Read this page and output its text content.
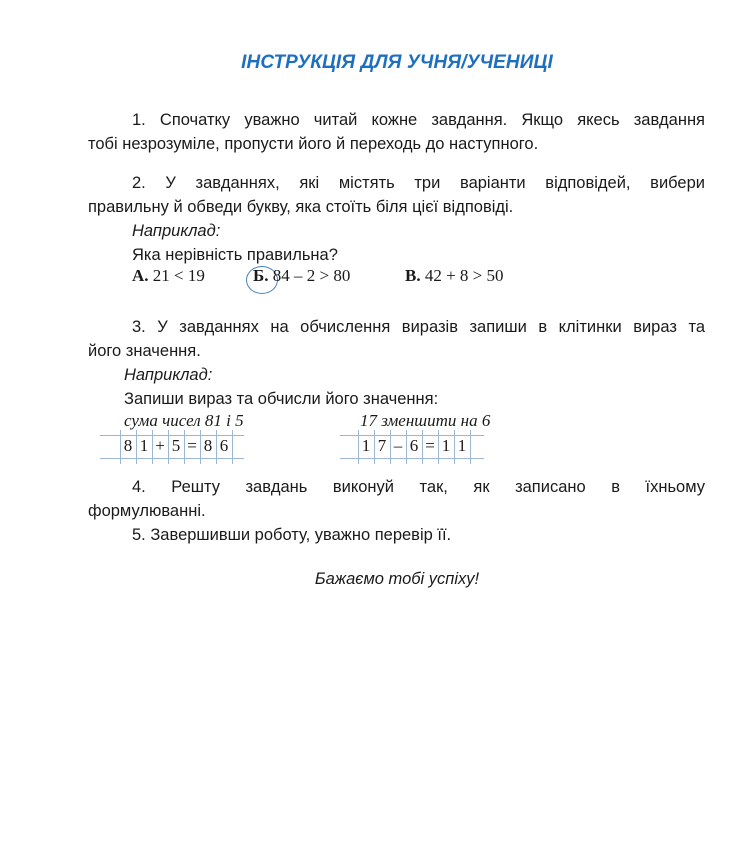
ІНСТРУКЦІЯ ДЛЯ УЧНЯ/УЧЕНИЦІ
1. Спочатку уважно читай кожне завдання. Якщо якесь завдання
тобі незрозуміле, пропусти його й переходь до наступного.
2. У завданнях, які містять три варіанти відповідей, вибери
правильну й обведи букву, яка стоїть біля цієї відповіді.
Наприклад:
Яка нерівність правильна?
А. 21 < 19	Б. 84 – 2 > 80	В. 42 + 8 > 50
3. У завданнях на обчислення виразів запиши в клітинки вираз та
його значення.
Наприклад:
Запиши вираз та обчисли його значення:
сума чисел 81 і 5	17 зменшити на 6
8 1 + 5 = 8 6	1 7 – 6 = 1 1
4. Решту завдань виконуй так, як записано в їхньому
формулюванні.
5. Завершивши роботу, уважно перевір її.
Бажаємо тобі успіху!
